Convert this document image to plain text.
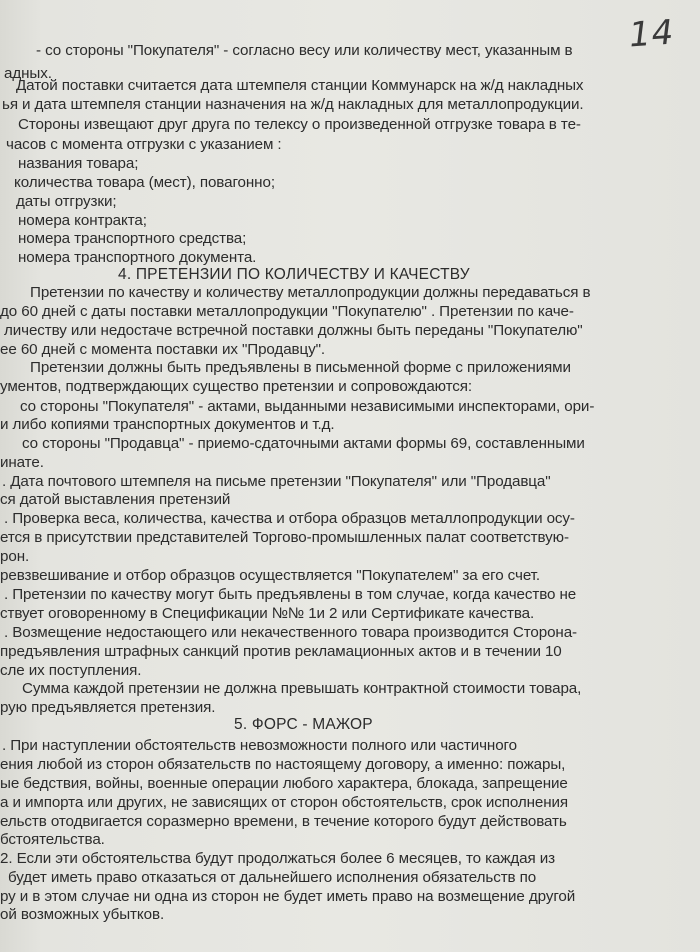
14
- со стороны "Покупателя" - согласно весу или количеству мест, указанным в
адных.
Датой поставки считается дата штемпеля станции Коммунарск на ж/д накладных
ья и дата штемпеля станции назначения на ж/д накладных для металлопродукции.
Стороны извещают друг друга по телексу о произведенной отгрузке товара в те-
часов с момента отгрузки с указанием :
названия товара;
количества товара (мест), повагонно;
даты отгрузки;
номера контракта;
номера транспортного средства;
номера транспортного документа.
4. ПРЕТЕНЗИИ ПО КОЛИЧЕСТВУ И КАЧЕСТВУ
Претензии по качеству и количеству металлопродукции должны передаваться в
до 60 дней с даты поставки металлопродукции "Покупателю" . Претензии по каче-
личеству или недостаче встречной поставки должны быть переданы "Покупателю"
ее 60 дней с момента поставки их "Продавцу".
Претензии должны быть предъявлены в письменной форме с приложениями
ументов, подтверждающих существо претензии и сопровождаются:
со стороны "Покупателя" - актами, выданными независимыми инспекторами, ори-
и либо копиями транспортных документов и т.д.
со стороны "Продавца" - приемо-сдаточными актами формы 69, составленными
инате.
. Дата почтового штемпеля на письме претензии "Покупателя" или "Продавца"
ся датой выставления претензий
. Проверка веса, количества, качества и отбора образцов металлопродукции осу-
ется в присутствии представителей Торгово-промышленных палат соответствую-
рон.
ревзвешивание и отбор образцов осуществляется "Покупателем" за его счет.
. Претензии по качеству могут быть предъявлены в том случае, когда качество не
ствует оговоренному в Спецификации №№ 1и 2 или Сертификате качества.
. Возмещение недостающего или некачественного товара производится Сторона-
предъявления штрафных санкций против рекламационных актов и в течении 10
сле их поступления.
Сумма каждой претензии не должна превышать контрактной стоимости товара,
рую предъявляется претензия.
5. ФОРС - МАЖОР
. При наступлении обстоятельств невозможности полного или частичного
ения любой из сторон обязательств по настоящему договору, а именно: пожары,
ые бедствия, войны, военные операции любого характера, блокада, запрещение
а и импорта или других, не зависящих от сторон обстоятельств, срок исполнения
ельств отодвигается соразмерно времени, в течение которого будут действовать
бстоятельства.
2. Если эти обстоятельства будут продолжаться более 6 месяцев, то каждая из
будет иметь право отказаться от дальнейшего исполнения обязательств по
ру и в этом случае ни одна из сторон не будет иметь право на возмещение другой
ой возможных убытков.
